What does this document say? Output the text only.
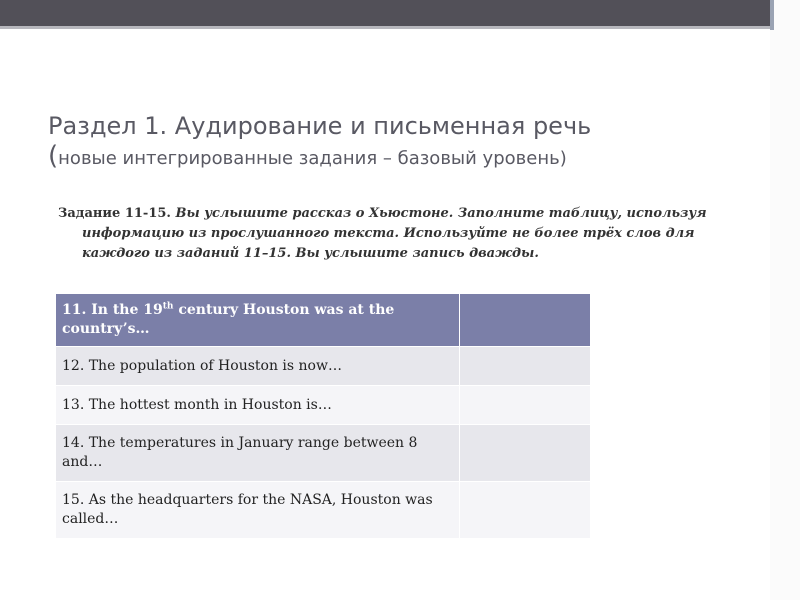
Раздел 1. Аудирование и письменная речь
(новые интегрированные задания – базовый уровень)
Задание 11-15. Вы услышите рассказ о Хьюстоне. Заполните таблицу, используя информацию из прослушанного текста. Используйте не более трёх слов для каждого из заданий 11–15. Вы услышите запись дважды.
11. In the 19th century Houston was at the country’s…	
12. The population of Houston is now…	
13. The hottest month in Houston is…	
14. The temperatures in January range between 8 and…	
15. As the headquarters for the NASA, Houston was called…	
